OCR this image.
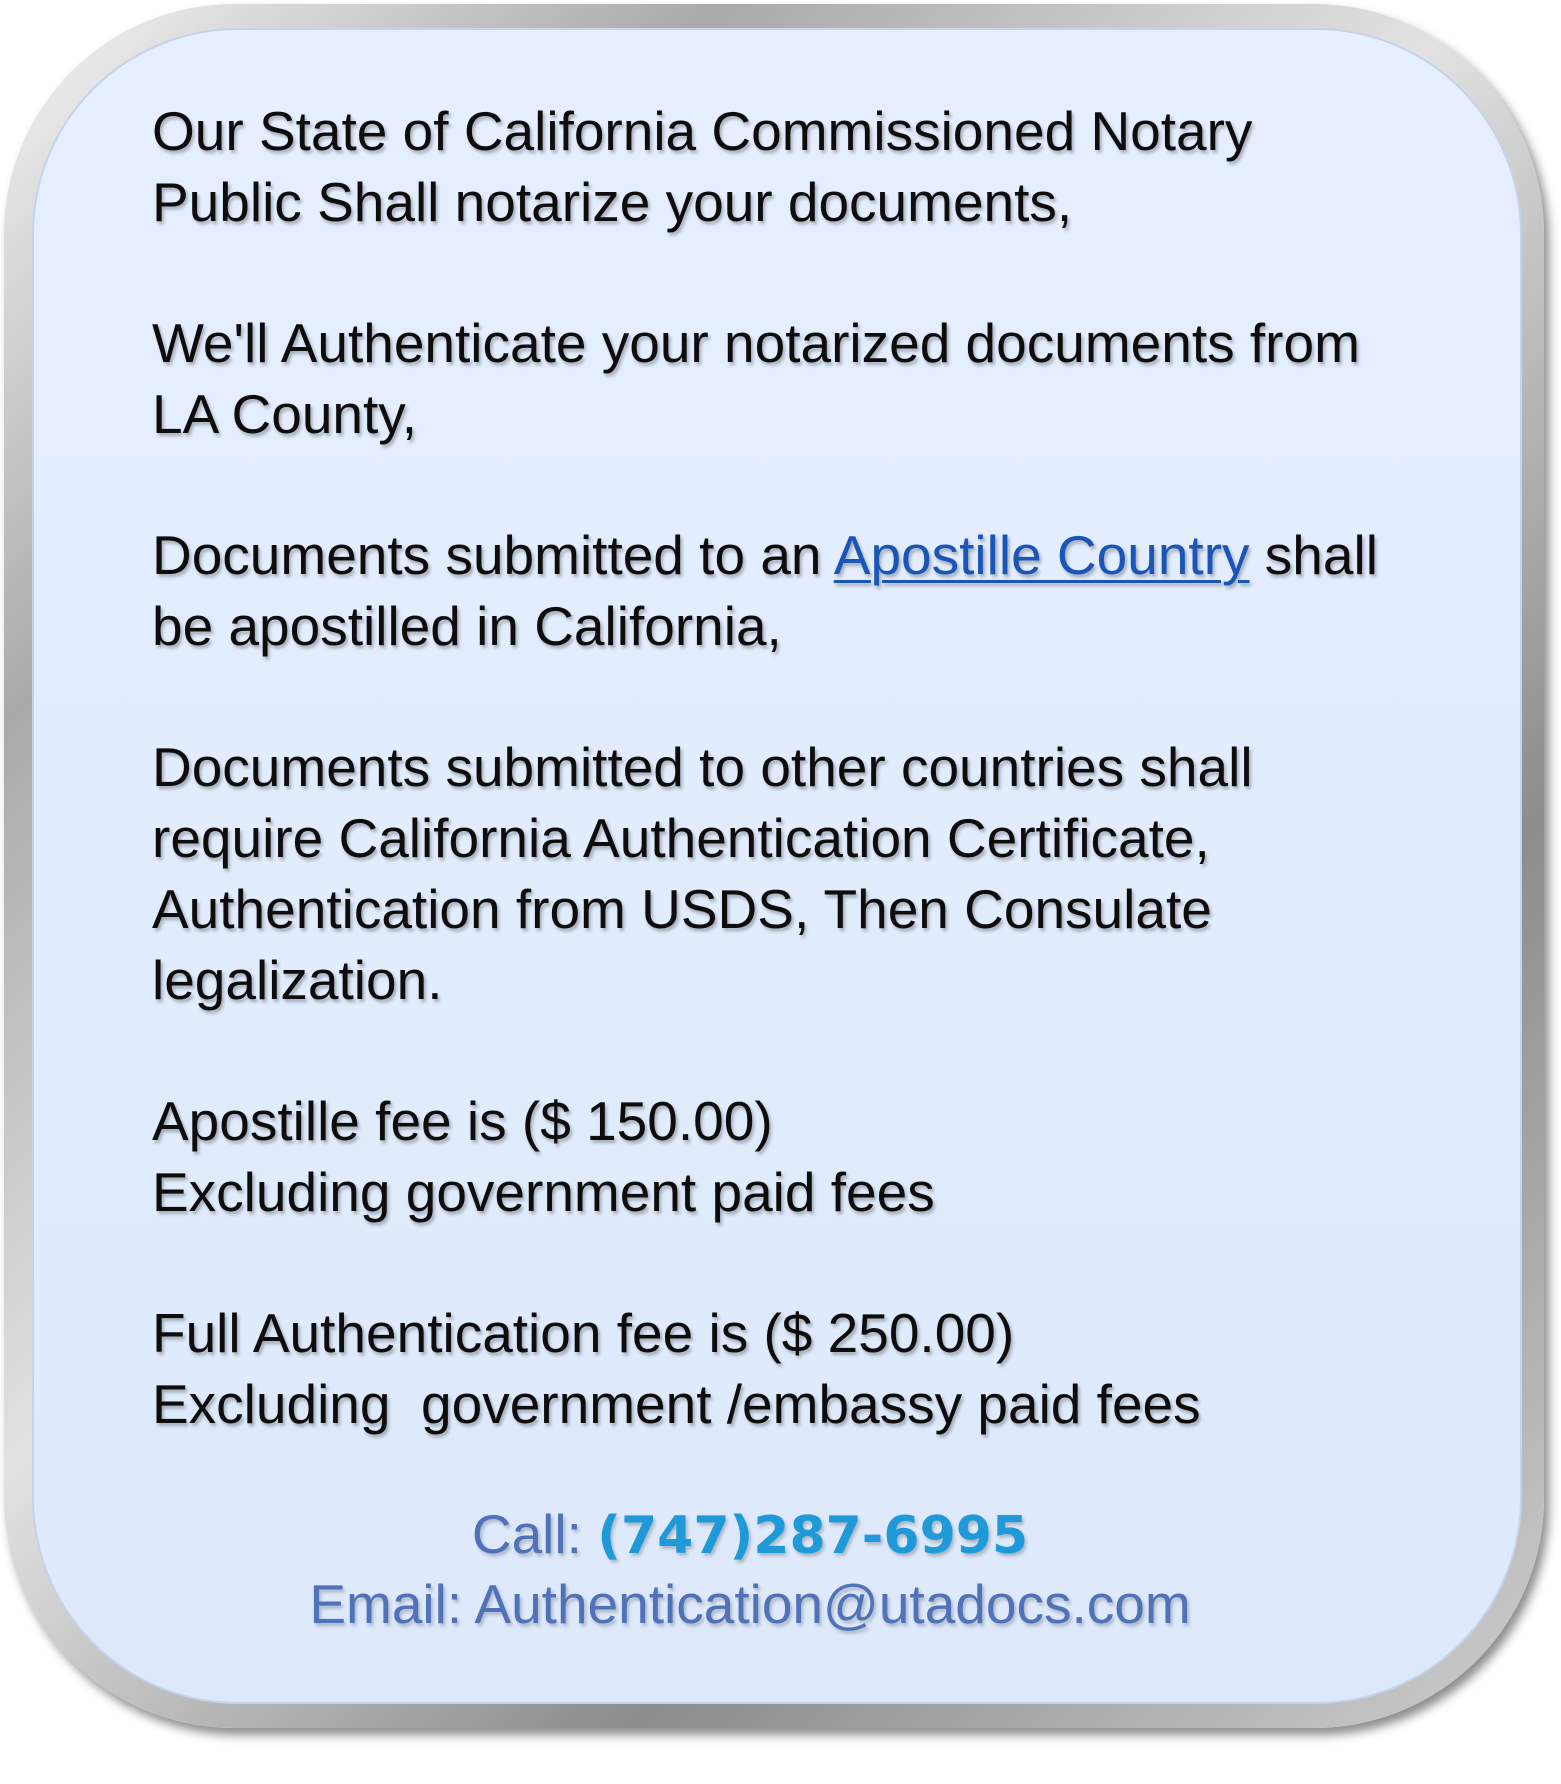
Our State of California Commissioned Notary
Public Shall notarize your documents,

We'll Authenticate your notarized documents from
LA County,

Documents submitted to an Apostille Country shall
be apostilled in California,

Documents submitted to other countries shall
require California Authentication Certificate,
Authentication from USDS, Then Consulate
legalization.

Apostille fee is ($ 150.00)
Excluding government paid fees

Full Authentication fee is ($ 250.00)
Excluding  government /embassy paid fees

Call: (747)287-6995
Email: Authentication@utadocs.com
